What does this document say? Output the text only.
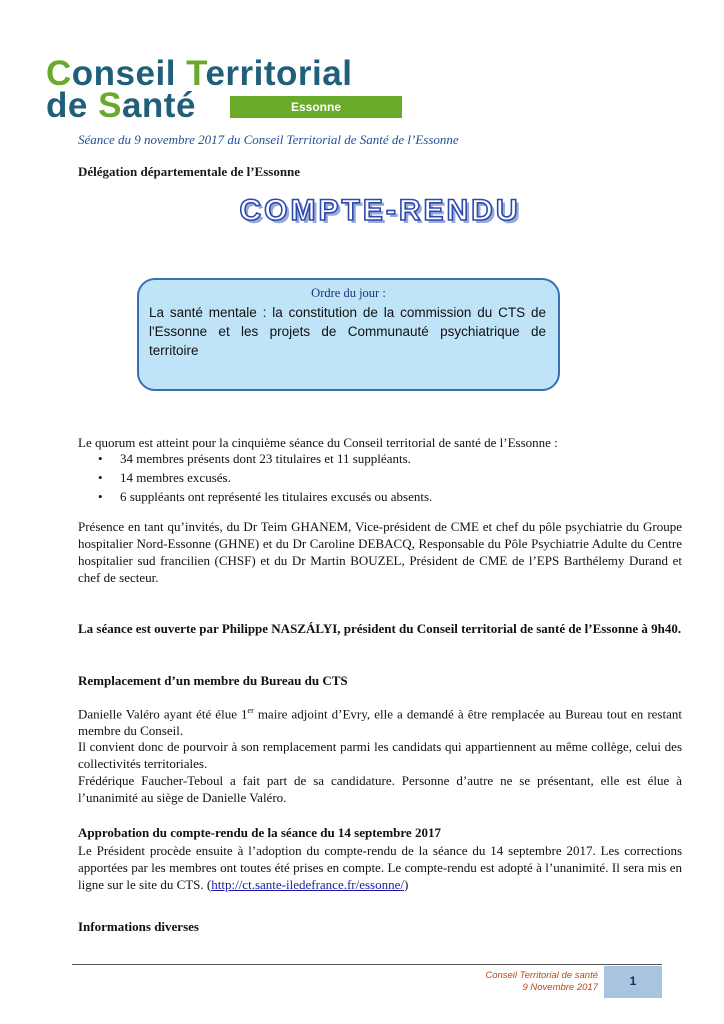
Conseil Territorial
de Santé	Essonne
Séance du 9 novembre 2017 du Conseil Territorial de Santé de l’Essonne
Délégation départementale de l’Essonne
COMPTE-RENDU
Ordre du jour :
La santé mentale : la constitution de la commission du CTS de l'Essonne et les projets de Communauté psychiatrique de territoire
Le quorum est atteint pour la cinquième séance du Conseil territorial de santé de l’Essonne :
• 34 membres présents dont 23 titulaires et 11 suppléants.
• 14 membres excusés.
• 6 suppléants ont représenté les titulaires excusés ou absents.
Présence en tant qu’invités, du Dr Teim GHANEM, Vice-président de CME et chef du pôle psychiatrie du Groupe hospitalier Nord-Essonne (GHNE) et du Dr Caroline DEBACQ, Responsable du Pôle Psychiatrie Adulte du Centre hospitalier sud francilien (CHSF) et du Dr Martin BOUZEL, Président de CME de l’EPS Barthélemy Durand et chef de secteur.
La séance est ouverte par Philippe NASZÁLYI, président du Conseil territorial de santé de l’Essonne à 9h40.
Remplacement d’un membre du Bureau du CTS
Danielle Valéro ayant été élue 1er maire adjoint d’Evry, elle a demandé à être remplacée au Bureau tout en restant membre du Conseil.
Il convient donc de pourvoir à son remplacement parmi les candidats qui appartiennent au même collège, celui des collectivités territoriales.
Frédérique Faucher-Teboul a fait part de sa candidature. Personne d’autre ne se présentant, elle est élue à l’unanimité au siège de Danielle Valéro.
Approbation du compte-rendu de la séance du 14 septembre 2017
Le Président procède ensuite à l’adoption du compte-rendu de la séance du 14 septembre 2017. Les corrections apportées par les membres ont toutes été prises en compte. Le compte-rendu est adopté à l’unanimité. Il sera mis en ligne sur le site du CTS. (http://ct.sante-iledefrance.fr/essonne/)
Informations diverses
Conseil Territorial de santé
9 Novembre 2017	1
